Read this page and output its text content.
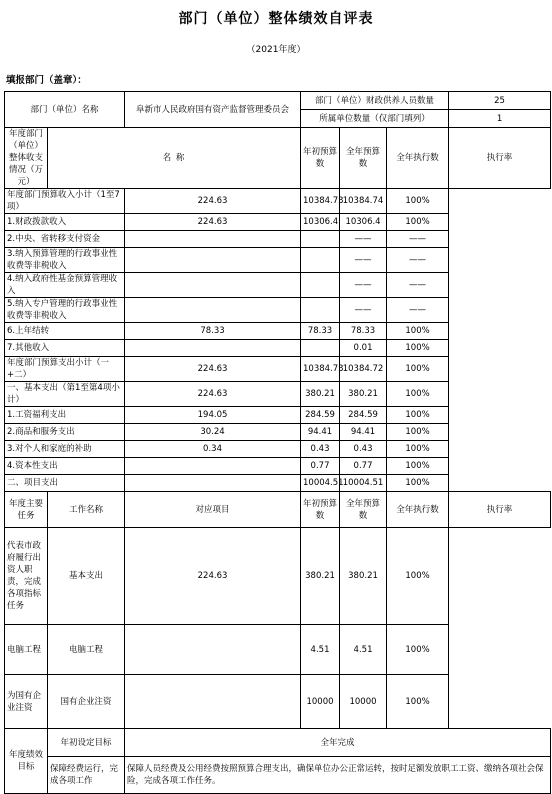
部门（单位）整体绩效自评表
（2021年度）
填报部门（盖章）：
部门（单位）名称		阜新市人民政府国有资产监督管理委员会	部门（单位）财政供养人员数量			25
			所属单位数量（仅部门填列）			1
年度部门（单位）整体收支情况（万元）	名 称		年初预算数	全年预算数	全年执行数	执行率
年度部门预算收入小计（1至7项）		224.63	10384.73	10384.74	100%	
1.财政拨款收入		224.63	10306.4	10306.4	100%	
2.中央、省转移支付资金				——	——	
3.纳入预算管理的行政事业性收费等非税收入				——	——	
4.纳入政府性基金预算管理收入				——	——	
5.纳入专户管理的行政事业性收费等非税收入				——	——	
6.上年结转		78.33	78.33	78.33	100%	
7.其他收入				0.01	100%	
年度部门预算支出小计（一+二）		224.63	10384.73	10384.72	100%	
一、基本支出（第1至第4项小计）		224.63	380.21	380.21	100%	
1.工资福利支出		194.05	284.59	284.59	100%	
2.商品和服务支出		30.24	94.41	94.41	100%	
3.对个人和家庭的补助		0.34	0.43	0.43	100%	
4.资本性支出			0.77	0.77	100%	
二、项目支出			10004.51	10004.51	100%	
年度主要任务	工作名称	对应项目	年初预算数	全年预算数	全年执行数	执行率
代表市政府履行出资人职责，完成各项指标任务	基本支出	224.63	380.21	380.21	100%	
电脑工程	电脑工程		4.51	4.51	100%	
为国有企业注资	国有企业注资		10000	10000	100%	
年度绩效目标	年初设定目标	全年完成				
	保障经费运行，完成各项工作	保障人员经费及公用经费按照预算合理支出，确保单位办公正常运转，按时足额发放职工工资、缴纳各项社会保险，完成各项工作任务。				
